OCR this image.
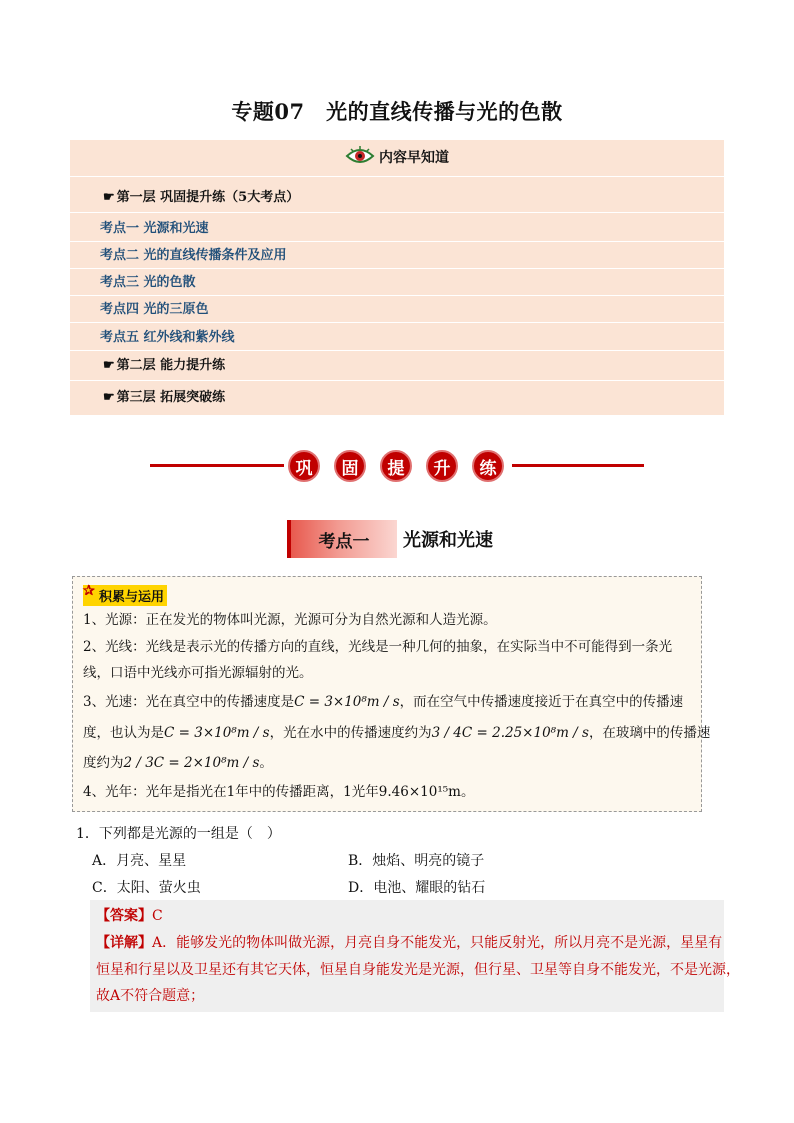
专题07　光的直线传播与光的色散
内容早知道
☛ 第一层 巩固提升练（5大考点）
考点一 光源和光速
考点二 光的直线传播条件及应用
考点三 光的色散
考点四 光的三原色
考点五 红外线和紫外线
☛ 第二层 能力提升练
☛ 第三层 拓展突破练
巩	固	提	升	练
考点一	光源和光速
✰ 积累与运用
1、光源：正在发光的物体叫光源，光源可分为自然光源和人造光源。
2、光线：光线是表示光的传播方向的直线，光线是一种几何的抽象，在实际当中不可能得到一条光
线，口语中光线亦可指光源辐射的光。
3、光速：光在真空中的传播速度是C = 3×10⁸m / s，而在空气中传播速度接近于在真空中的传播速
度，也认为是C = 3×10⁸m / s，光在水中的传播速度约为3 / 4C = 2.25×10⁸m / s，在玻璃中的传播速
度约为2 / 3C = 2×10⁸m / s。
4、光年：光年是指光在1年中的传播距离，1光年9.46×10¹⁵m。
1．下列都是光源的一组是（　）
A．月亮、星星	B．烛焰、明亮的镜子
C．太阳、萤火虫	D．电池、耀眼的钻石
【答案】C
【详解】A．能够发光的物体叫做光源，月亮自身不能发光，只能反射光，所以月亮不是光源，星星有
恒星和行星以及卫星还有其它天体，恒星自身能发光是光源，但行星、卫星等自身不能发光，不是光源，
故A不符合题意；
